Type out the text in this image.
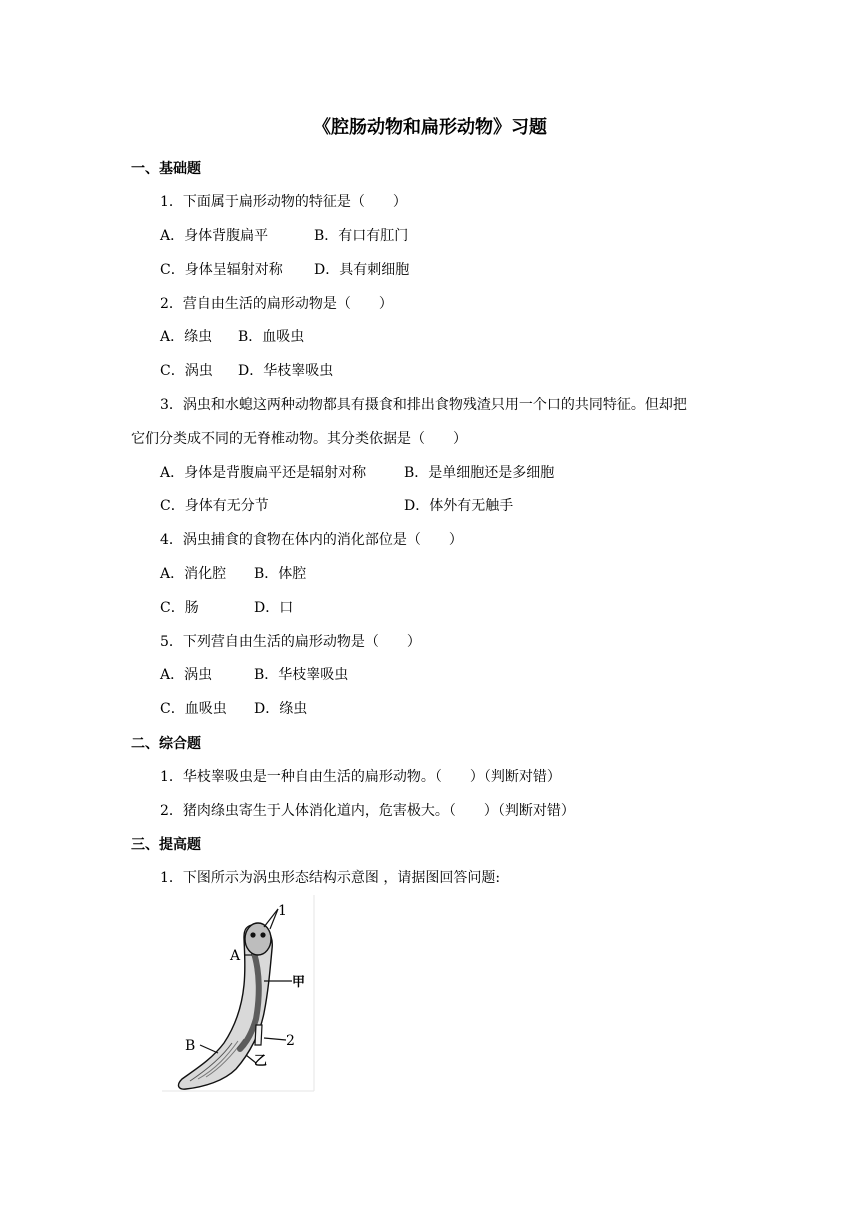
《腔肠动物和扁形动物》习题
一、基础题
1．下面属于扁形动物的特征是（　　）
A．身体背腹扁平	B．有口有肛门
C．身体呈辐射对称 D．具有刺细胞
2．营自由生活的扁形动物是（　　）
A．绦虫 B．血吸虫
C．涡虫 D．华枝睾吸虫
3．涡虫和水螅这两种动物都具有摄食和排出食物残渣只用一个口的共同特征。但却把
它们分类成不同的无脊椎动物。其分类依据是（　　）
A．身体是背腹扁平还是辐射对称	B．是单细胞还是多细胞
C．身体有无分节	D．体外有无触手
4．涡虫捕食的食物在体内的消化部位是（　　）
A．消化腔 B．体腔
C．肠	D．口
5．下列营自由生活的扁形动物是（　　）
A．涡虫	B．华枝睾吸虫
C．血吸虫 D．绦虫
二、综合题
1．华枝睾吸虫是一种自由生活的扁形动物。（　　）（判断对错）
2．猪肉绦虫寄生于人体消化道内，危害极大。（　　）（判断对错）
三、提高题
1．下图所示为涡虫形态结构示意图 ，请据图回答问题:
1
A
甲
B	2
乙
